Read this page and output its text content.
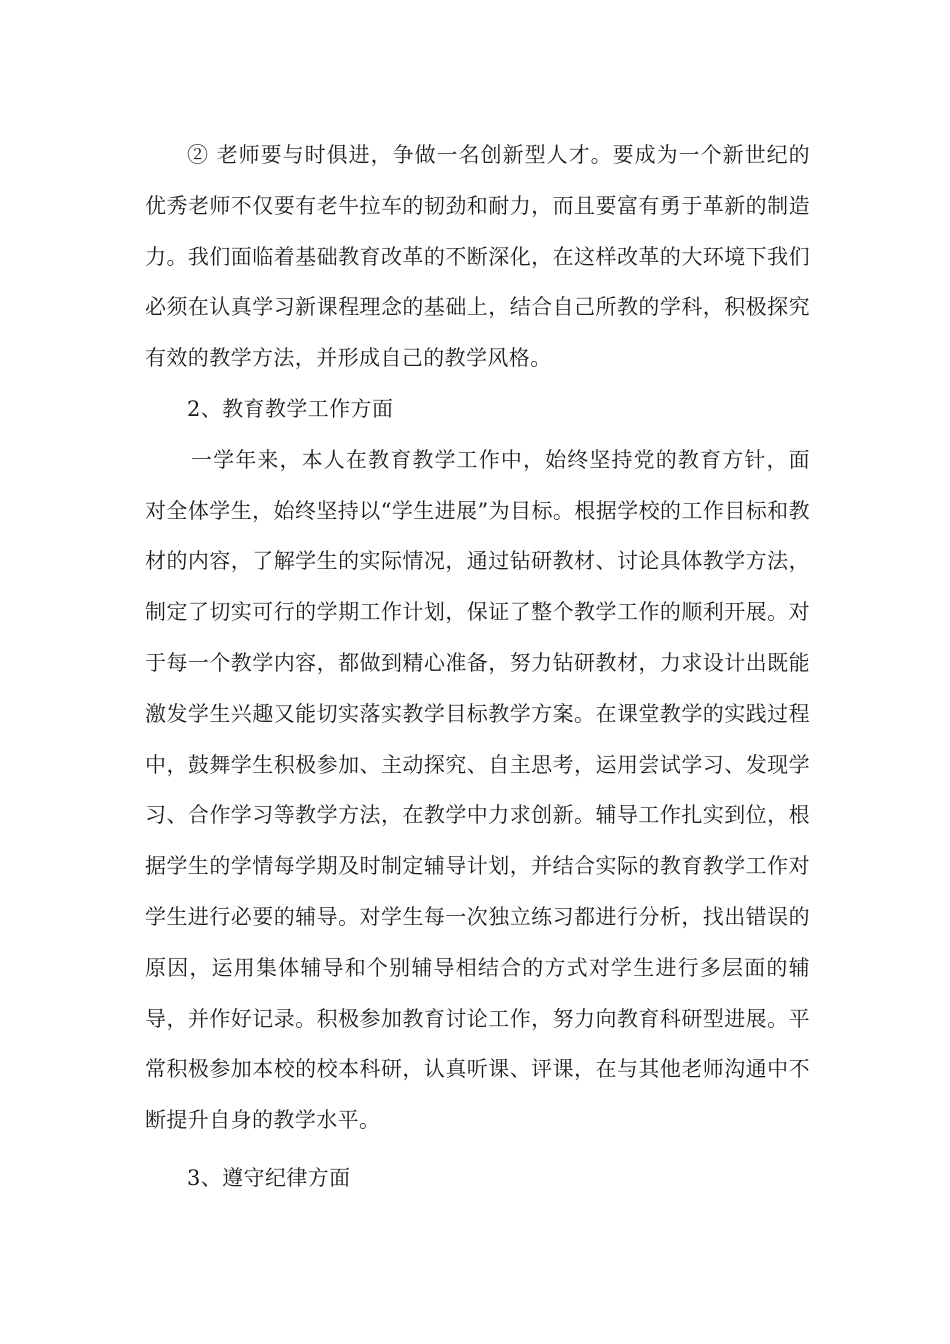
② 老师要与时俱进，争做一名创新型人才。要成为一个新世纪的优秀老师不仅要有老牛拉车的韧劲和耐力，而且要富有勇于革新的制造力。我们面临着基础教育改革的不断深化，在这样改革的大环境下我们必须在认真学习新课程理念的基础上，结合自己所教的学科，积极探究有效的教学方法，并形成自己的教学风格。

2、教育教学工作方面

一学年来，本人在教育教学工作中，始终坚持党的教育方针，面对全体学生，始终坚持以“学生进展”为目标。根据学校的工作目标和教材的内容，了解学生的实际情况，通过钻研教材、讨论具体教学方法，制定了切实可行的学期工作计划，保证了整个教学工作的顺利开展。对于每一个教学内容，都做到精心准备，努力钻研教材，力求设计出既能激发学生兴趣又能切实落实教学目标教学方案。在课堂教学的实践过程中，鼓舞学生积极参加、主动探究、自主思考，运用尝试学习、发现学习、合作学习等教学方法，在教学中力求创新。辅导工作扎实到位，根据学生的学情每学期及时制定辅导计划，并结合实际的教育教学工作对学生进行必要的辅导。对学生每一次独立练习都进行分析，找出错误的原因，运用集体辅导和个别辅导相结合的方式对学生进行多层面的辅导，并作好记录。积极参加教育讨论工作，努力向教育科研型进展。平常积极参加本校的校本科研，认真听课、评课，在与其他老师沟通中不断提升自身的教学水平。

3、遵守纪律方面
